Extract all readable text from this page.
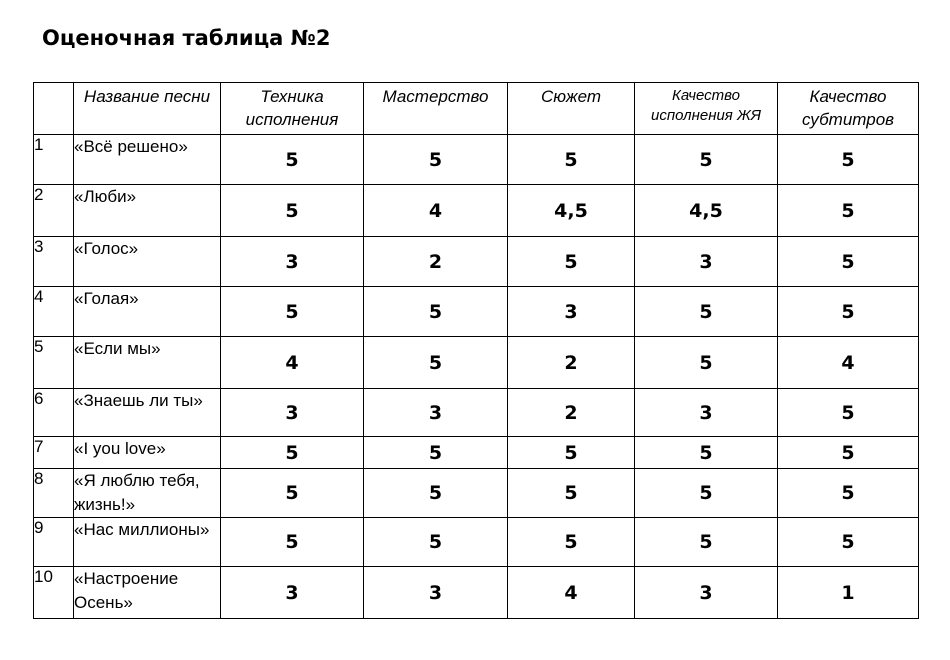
Оценочная таблица №2
	Название песни	Техника исполнения	Мастерство	Сюжет	Качество исполнения ЖЯ	Качество субтитров
1	«Всё решено»	5	5	5	5	5
2	«Люби»	5	4	4,5	4,5	5
3	«Голос»	3	2	5	3	5
4	«Голая»	5	5	3	5	5
5	«Если мы»	4	5	2	5	4
6	«Знаешь ли ты»	3	3	2	3	5
7	«I you love»	5	5	5	5	5
8	«Я люблю тебя, жизнь!»	5	5	5	5	5
9	«Нас миллионы»	5	5	5	5	5
10	«Настроение Осень»	3	3	4	3	1
